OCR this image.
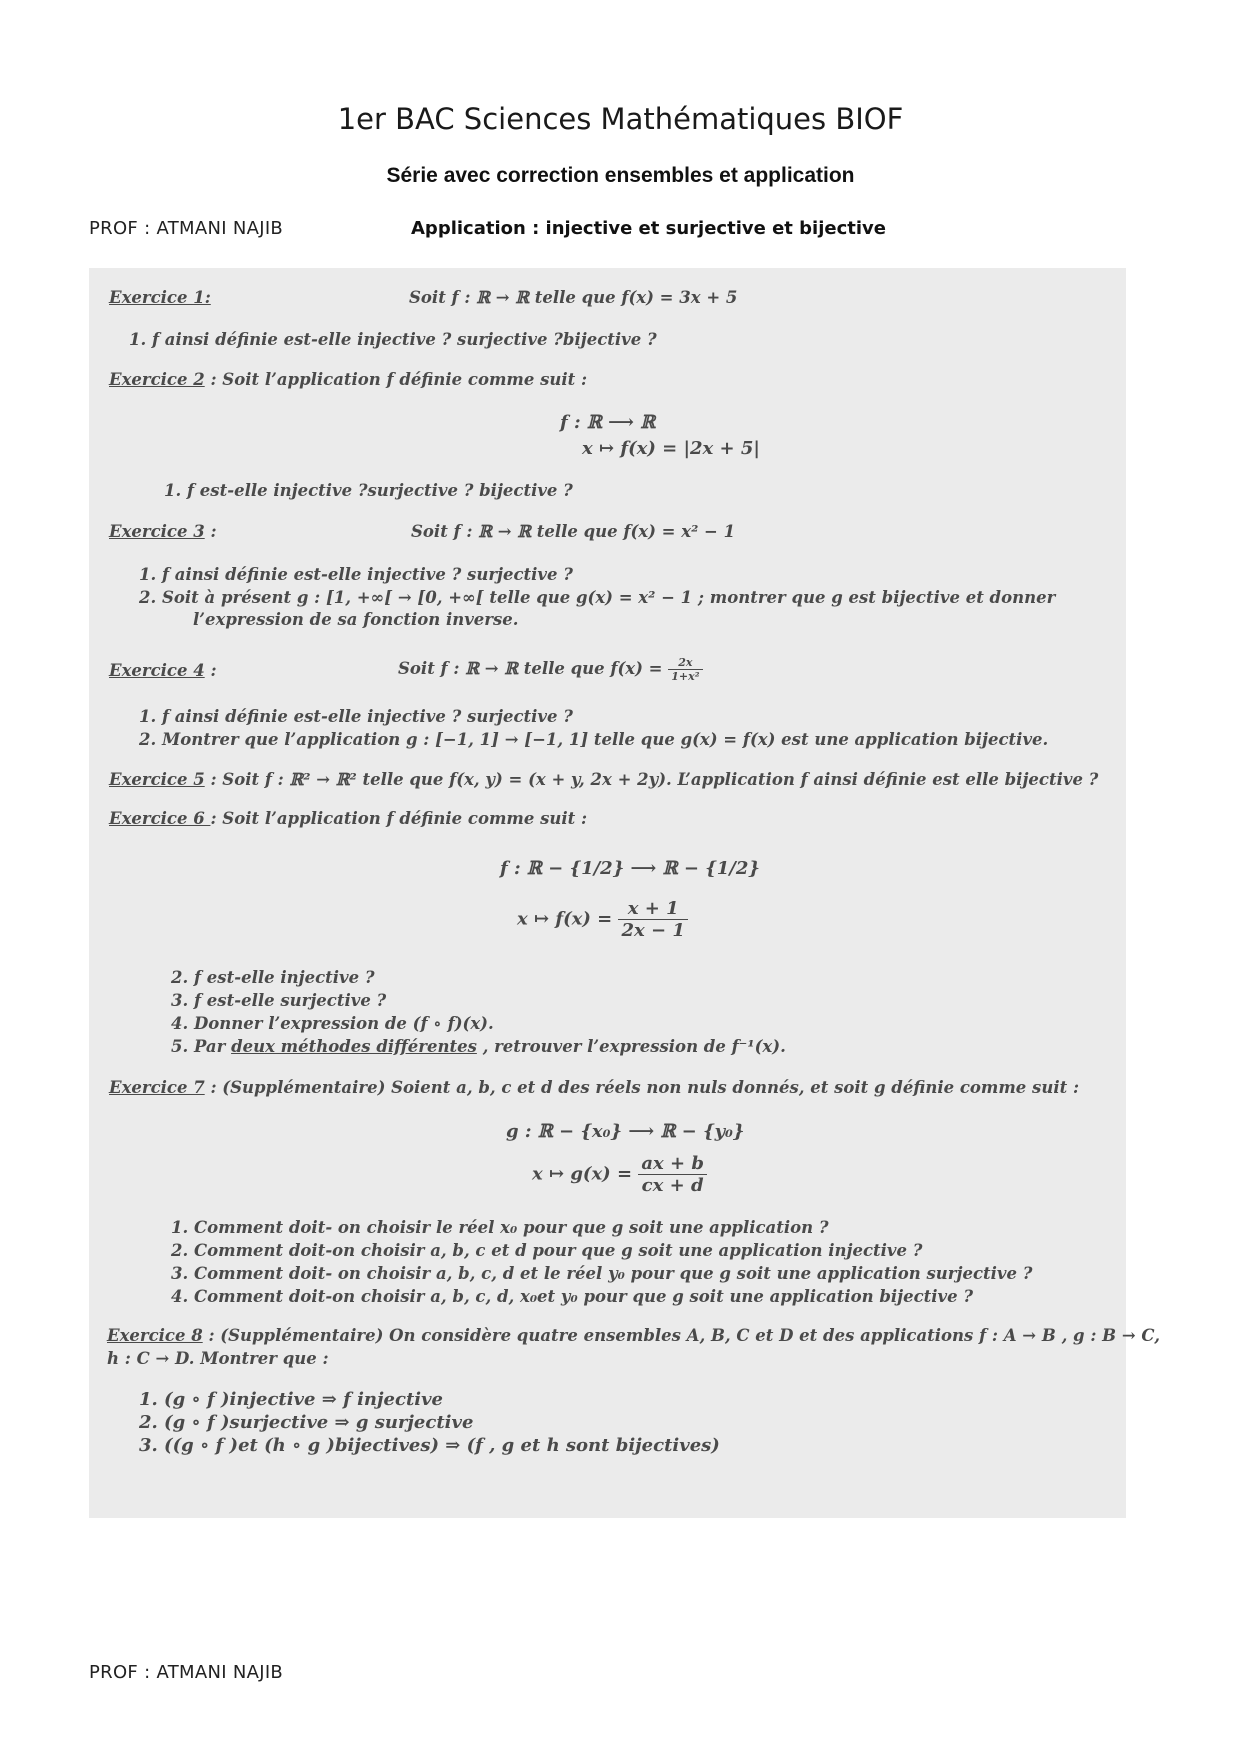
1er BAC Sciences Mathématiques BIOF
Série avec correction ensembles et application
PROF : ATMANI NAJIB	Application : injective et surjective et bijective
Exercice 1:	Soit f : ℝ → ℝ telle que f(x) = 3x + 5
1. f ainsi définie est-elle injective ? surjective ?bijective ?
Exercice 2 : Soit l’application f définie comme suit :
f : ℝ ⟶ ℝ
x ↦ f(x) = |2x + 5|
1. f est-elle injective ?surjective ? bijective ?
Exercice 3 :	Soit f : ℝ → ℝ telle que f(x) = x² − 1
1. f ainsi définie est-elle injective ? surjective ?
2. Soit à présent g : [1, +∞[ → [0, +∞[ telle que g(x) = x² − 1 ; montrer que g est bijective et donner
l’expression de sa fonction inverse.
Exercice 4 :	Soit f : ℝ → ℝ telle que $f(x) = \frac{2x}{\text{1+x²}}$
1. f ainsi définie est-elle injective ? surjective ?
2. Montrer que l’application g : [−1, 1] → [−1, 1] telle que g(x) = f(x) est une application bijective.
Exercice 5 : Soit f : ℝ² → ℝ² telle que f(x, y) = (x + y, 2x + 2y). L’application f ainsi définie est elle bijective ?
Exercice 6 : Soit l’application f définie comme suit :
f : ℝ − {1/2} ⟶ ℝ − {1/2}
x ↦ $f(x) = \frac{x + 1}{2x - 1}$
2. f est-elle injective ?
3. f est-elle surjective ?
4. Donner l’expression de (f ∘ f)(x).
5. Par deux méthodes différentes , retrouver l’expression de f⁻¹(x).
Exercice 7 : (Supplémentaire) Soient a, b, c et d des réels non nuls donnés, et soit g définie comme suit :
g : ℝ − {x₀} ⟶ ℝ − {y₀}
x ↦ $g(x) = \frac{ax + b}{cx + d}$
1. Comment doit- on choisir le réel x₀ pour que g soit une application ?
2. Comment doit-on choisir a, b, c et d pour que g soit une application injective ?
3. Comment doit- on choisir a, b, c, d et le réel y₀ pour que g soit une application surjective ?
4. Comment doit-on choisir a, b, c, d, x₀et y₀ pour que g soit une application bijective ?
Exercice 8 : (Supplémentaire) On considère quatre ensembles A, B, C et D et des applications f : A → B , g : B → C,
h : C → D. Montrer que :
1. (g ∘ f )injective ⇒ f injective
2. (g ∘ f )surjective ⇒ g surjective
3. ((g ∘ f )et (h ∘ g )bijectives) ⇒ (f , g et h sont bijectives)
PROF : ATMANI NAJIB
